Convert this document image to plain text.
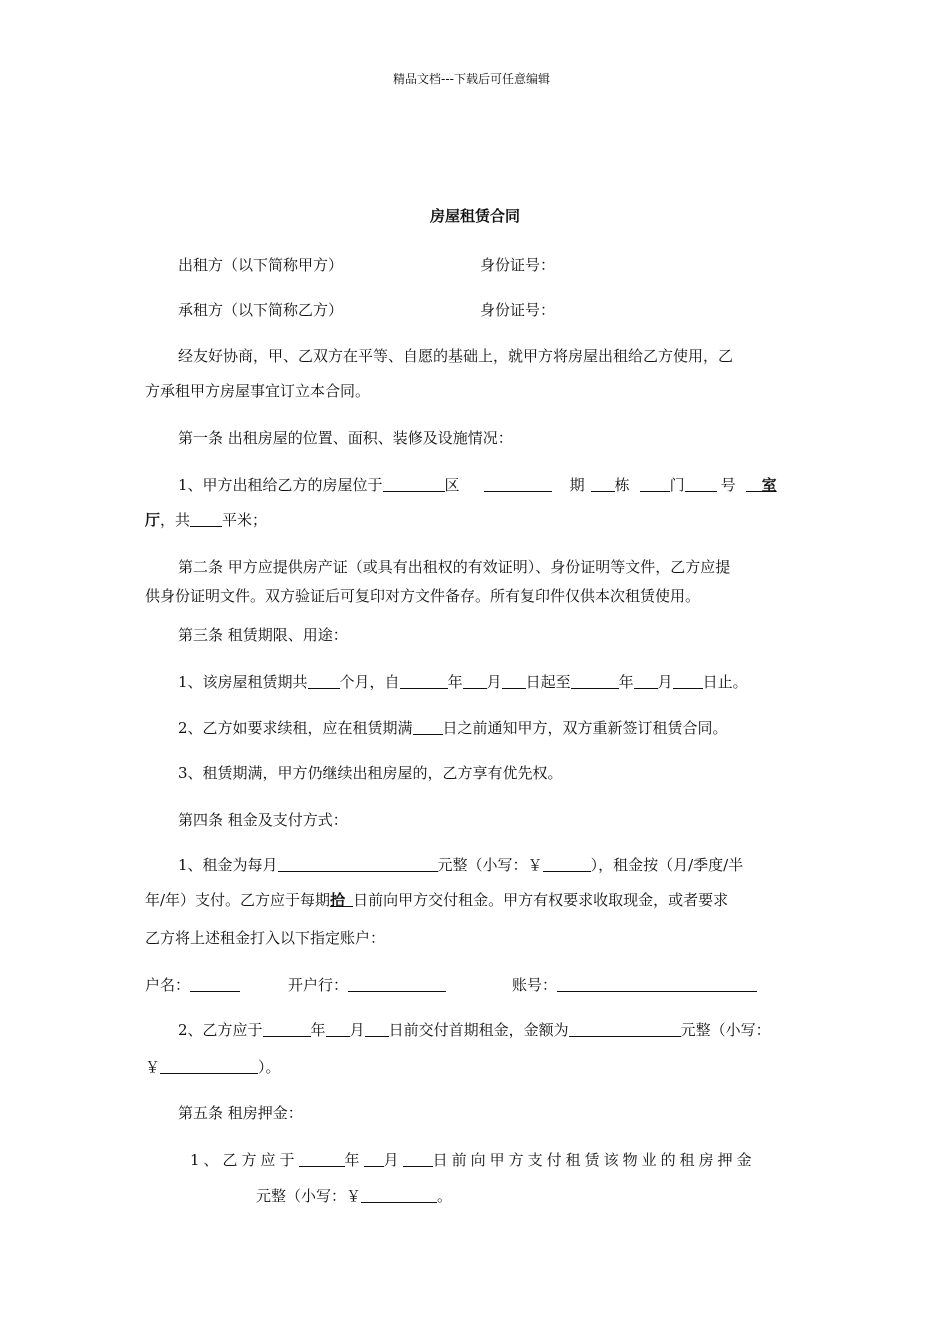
精品文档---下载后可任意编辑
房屋租赁合同
出租方（以下简称甲方）	身份证号：
承租方（以下简称乙方）	身份证号：
经友好协商，甲、乙双方在平等、自愿的基础上，就甲方将房屋出租给乙方使用，乙
方承租甲方房屋事宜订立本合同。
第一条 出租房屋的位置、面积、装修及设施情况：
1、甲方出租给乙方的房屋位于	区	期 栋	门 号 室
厅，共 平米；
第二条 甲方应提供房产证（或具有出租权的有效证明）、身份证明等文件，乙方应提
供身份证明文件。双方验证后可复印对方文件备存。所有复印件仅供本次租赁使用。
第三条 租赁期限、用途：
1、该房屋租赁期共 个月，自	年 月 日起至	年 月 日止。
2、乙方如要求续租，应在租赁期满 日之前通知甲方，双方重新签订租赁合同。
3、租赁期满，甲方仍继续出租房屋的，乙方享有优先权。
第四条 租金及支付方式：
1、租金为每月	元整（小写：￥	），租金按（月/季度/半
年/年）支付。乙方应于每期拾 日前向甲方交付租金。甲方有权要求收取现金，或者要求
乙方将上述租金打入以下指定账户：
户名：	开户行：	账号：
2、乙方应于	年 月 日前交付首期租金，金额为	元整（小写：
￥	）。
第五条 租房押金：
1、乙方应于	年 月 日前向甲方支付租赁该物业的租房押金
元整（小写：￥	。
